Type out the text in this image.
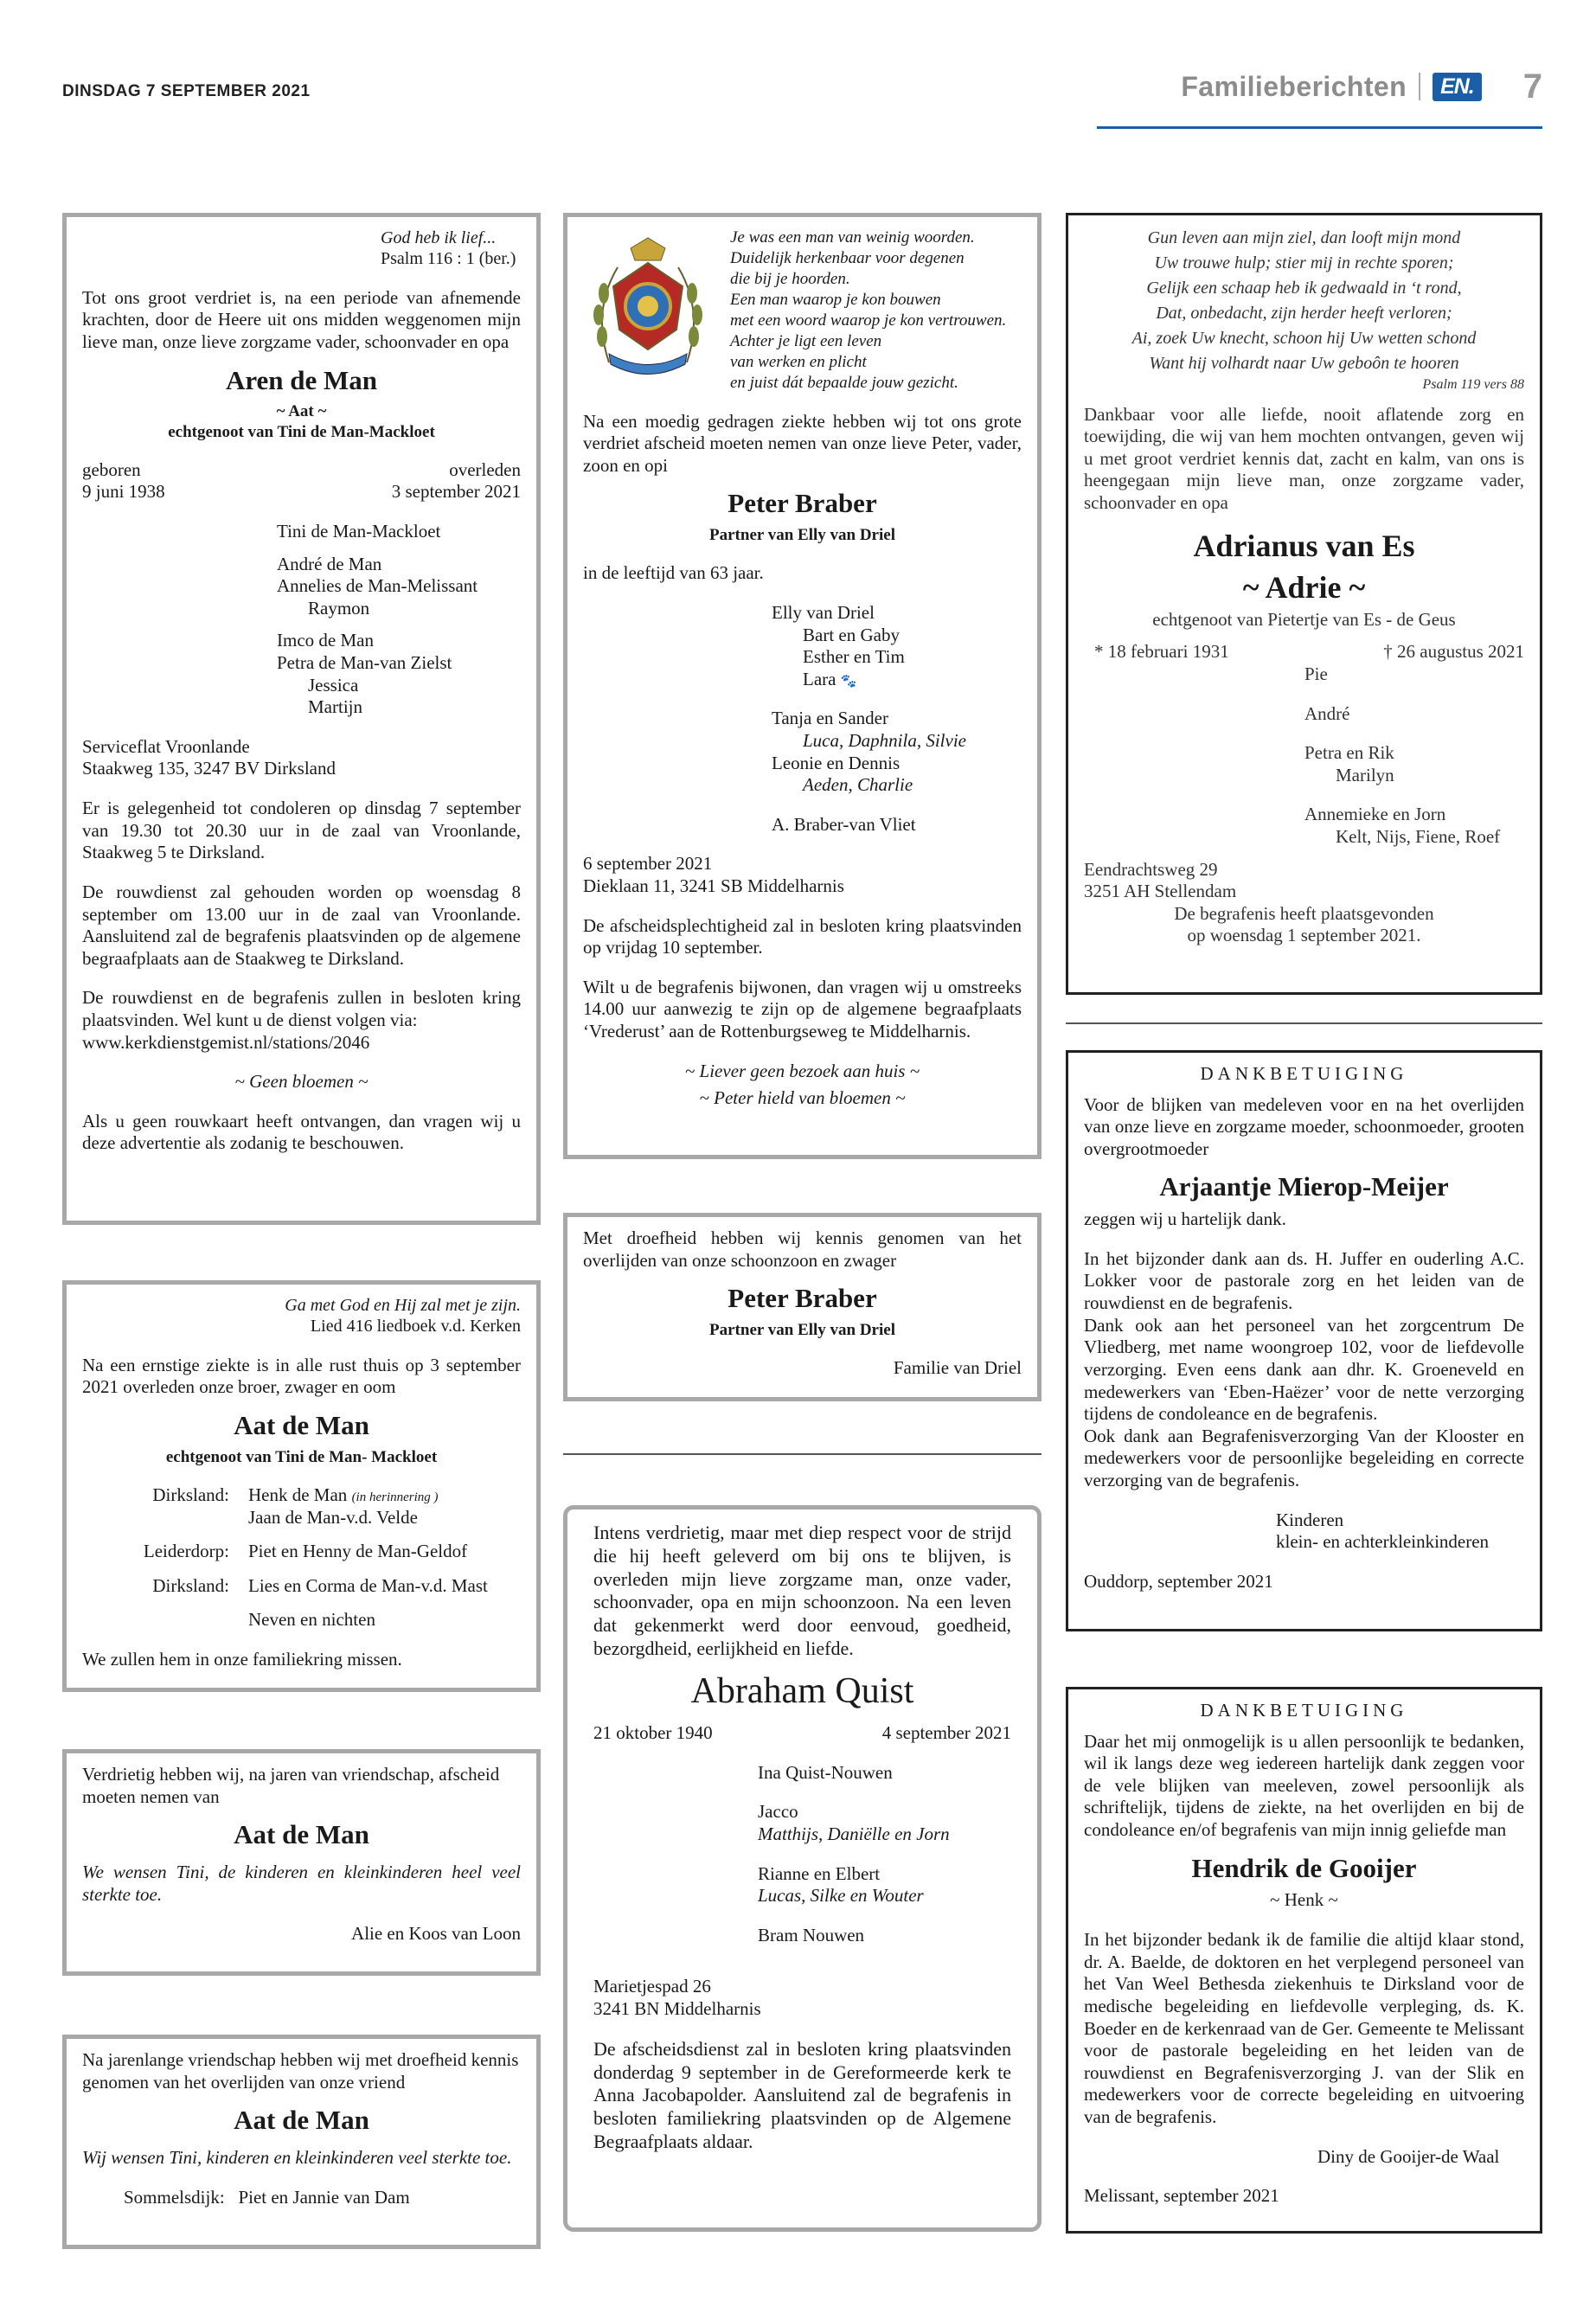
DINSDAG 7 SEPTEMBER 2021	Familieberichten	EN. 7
God heb ik lief...
Psalm 116 : 1 (ber.)
Tot ons groot verdriet is, na een periode van afnemende krachten, door de Heere uit ons midden weggenomen mijn lieve man, onze lieve zorgzame vader, schoonvader en opa
Aren de Man
~ Aat ~
echtgenoot van Tini de Man-Mackloet
geboren	overleden
9 juni 1938	3 september 2021
Tini de Man-Mackloet
André de Man
Annelies de Man-Melissant
Raymon
Imco de Man
Petra de Man-van Zielst
Jessica
Martijn
Serviceflat Vroonlande
Staakweg 135, 3247 BV Dirksland
Er is gelegenheid tot condoleren op dinsdag 7 september van 19.30 tot 20.30 uur in de zaal van Vroonlande, Staakweg 5 te Dirksland.
De rouwdienst zal gehouden worden op woensdag 8 september om 13.00 uur in de zaal van Vroonlande. Aansluitend zal de begrafenis plaatsvinden op de algemene begraafplaats aan de Staakweg te Dirksland.
De rouwdienst en de begrafenis zullen in besloten kring plaatsvinden. Wel kunt u de dienst volgen via:
www.kerkdienstgemist.nl/stations/2046
~ Geen bloemen ~
Als u geen rouwkaart heeft ontvangen, dan vragen wij u deze advertentie als zodanig te beschouwen.
Ga met God en Hij zal met je zijn.
Lied 416 liedboek v.d. Kerken
Na een ernstige ziekte is in alle rust thuis op 3 september 2021 overleden onze broer, zwager en oom
Aat de Man
echtgenoot van Tini de Man- Mackloet
Dirksland: Henk de Man (in herinnering )
Jaan de Man-v.d. Velde
Leiderdorp: Piet en Henny de Man-Geldof
Dirksland: Lies en Corma de Man-v.d. Mast
Neven en nichten
We zullen hem in onze familiekring missen.
Verdrietig hebben wij, na jaren van vriendschap, afscheid moeten nemen van
Aat de Man
We wensen Tini, de kinderen en kleinkinderen heel veel sterkte toe.
Alie en Koos van Loon
Na jarenlange vriendschap hebben wij met droefheid kennis genomen van het overlijden van onze vriend
Aat de Man
Wij wensen Tini, kinderen en kleinkinderen veel sterkte toe.
Sommelsdijk: Piet en Jannie van Dam
Je was een man van weinig woorden.
Duidelijk herkenbaar voor degenen
die bij je hoorden.
Een man waarop je kon bouwen
met een woord waarop je kon vertrouwen.
Achter je ligt een leven
van werken en plicht
en juist dát bepaalde jouw gezicht.
Na een moedig gedragen ziekte hebben wij tot ons grote verdriet afscheid moeten nemen van onze lieve Peter, vader, zoon en opi
Peter Braber
Partner van Elly van Driel
in de leeftijd van 63 jaar.
Elly van Driel
Bart en Gaby
Esther en Tim
Lara 🐾
Tanja en Sander
Luca, Daphnila, Silvie
Leonie en Dennis
Aeden, Charlie
A. Braber-van Vliet
6 september 2021
Dieklaan 11, 3241 SB Middelharnis
De afscheidsplechtigheid zal in besloten kring plaatsvinden op vrijdag 10 september.
Wilt u de begrafenis bijwonen, dan vragen wij u omstreeks 14.00 uur aanwezig te zijn op de algemene begraafplaats ‘Vrederust’ aan de Rottenburgseweg te Middelharnis.
~ Liever geen bezoek aan huis ~
~ Peter hield van bloemen ~
Met droefheid hebben wij kennis genomen van het overlijden van onze schoonzoon en zwager
Peter Braber
Partner van Elly van Driel
Familie van Driel
Intens verdrietig, maar met diep respect voor de strijd die hij heeft geleverd om bij ons te blijven, is overleden mijn lieve zorgzame man, onze vader, schoonvader, opa en mijn schoonzoon. Na een leven dat gekenmerkt werd door eenvoud, goedheid, bezorgdheid, eerlijkheid en liefde.
Abraham Quist
21 oktober 1940	4 september 2021
Ina Quist-Nouwen
Jacco
Matthijs, Daniëlle en Jorn
Rianne en Elbert
Lucas, Silke en Wouter
Bram Nouwen
Marietjespad 26
3241 BN Middelharnis
De afscheidsdienst zal in besloten kring plaatsvinden donderdag 9 september in de Gereformeerde kerk te Anna Jacobapolder. Aansluitend zal de begrafenis in besloten familiekring plaatsvinden op de Algemene Begraafplaats aldaar.
Gun leven aan mijn ziel, dan looft mijn mond
Uw trouwe hulp; stier mij in rechte sporen;
Gelijk een schaap heb ik gedwaald in ‘t rond,
Dat, onbedacht, zijn herder heeft verloren;
Ai, zoek Uw knecht, schoon hij Uw wetten schond
Want hij volhardt naar Uw geboôn te hooren
Psalm 119 vers 88
Dankbaar voor alle liefde, nooit aflatende zorg en toewijding, die wij van hem mochten ontvangen, geven wij u met groot verdriet kennis dat, zacht en kalm, van ons is heengegaan mijn lieve man, onze zorgzame vader, schoonvader en opa
Adrianus van Es
~ Adrie ~
echtgenoot van Pietertje van Es - de Geus
* 18 februari 1931	† 26 augustus 2021
Pie
André
Petra en Rik
Marilyn
Annemieke en Jorn
Kelt, Nijs, Fiene, Roef
Eendrachtsweg 29
3251 AH Stellendam
De begrafenis heeft plaatsgevonden
op woensdag 1 september 2021.
DANKBETUIGING
Voor de blijken van medeleven voor en na het overlijden van onze lieve en zorgzame moeder, schoonmoeder, grooten overgrootmoeder
Arjaantje Mierop-Meijer
zeggen wij u hartelijk dank.
In het bijzonder dank aan ds. H. Juffer en ouderling A.C. Lokker voor de pastorale zorg en het leiden van de rouwdienst en de begrafenis.
Dank ook aan het personeel van het zorgcentrum De Vliedberg, met name woongroep 102, voor de liefdevolle verzorging. Even eens dank aan dhr. K. Groeneveld en medewerkers van ‘Eben-Haëzer’ voor de nette verzorging tijdens de condoleance en de begrafenis.
Ook dank aan Begrafenisverzorging Van der Klooster en medewerkers voor de persoonlijke begeleiding en correcte verzorging van de begrafenis.
Kinderen
klein- en achterkleinkinderen
Ouddorp, september 2021
DANKBETUIGING
Daar het mij onmogelijk is u allen persoonlijk te bedanken, wil ik langs deze weg iedereen hartelijk dank zeggen voor de vele blijken van meeleven, zowel persoonlijk als schriftelijk, tijdens de ziekte, na het overlijden en bij de condoleance en/of begrafenis van mijn innig geliefde man
Hendrik de Gooijer
~ Henk ~
In het bijzonder bedank ik de familie die altijd klaar stond, dr. A. Baelde, de doktoren en het verplegend personeel van het Van Weel Bethesda ziekenhuis te Dirksland voor de medische begeleiding en liefdevolle verpleging, ds. K. Boeder en de kerkenraad van de Ger. Gemeente te Melissant voor de pastorale begeleiding en het leiden van de rouwdienst en Begrafenisverzorging J. van der Slik en medewerkers voor de correcte begeleiding en uitvoering van de begrafenis.
Diny de Gooijer-de Waal
Melissant, september 2021
